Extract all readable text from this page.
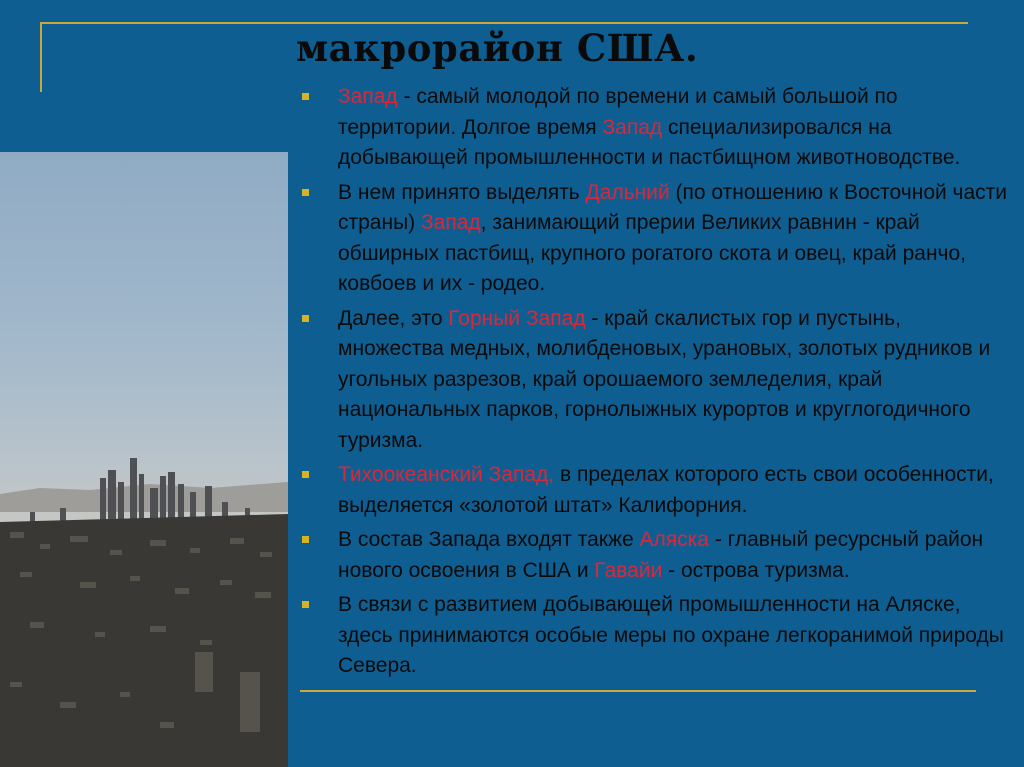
макрорайон США.
Запад - самый молодой по времени и самый большой по территории. Долгое время Запад специализировался на добывающей промышленности и пастбищном животноводстве.
В нем принято выделять Дальний (по отношению к Восточной части страны) Запад, занимающий прерии Великих равнин - край обширных пастбищ, крупного рогатого скота и овец, край ранчо, ковбоев и их - родео.
Далее, это Горный Запад - край скалистых гор и пустынь, множества медных, молибденовых, урановых, золотых рудников и угольных разрезов, край орошаемого земледелия, край национальных парков, горнолыжных курортов и круглогодичного туризма.
Тихоокеанский Запад, в пределах которого есть свои особенности, выделяется «золотой штат» Калифорния.
В состав Запада входят также Аляска - главный ресурсный район нового освоения в США и Гавайи - острова туризма.
В связи с развитием добывающей промышленности на Аляске, здесь принимаются особые меры по охране легкоранимой природы Севера.
